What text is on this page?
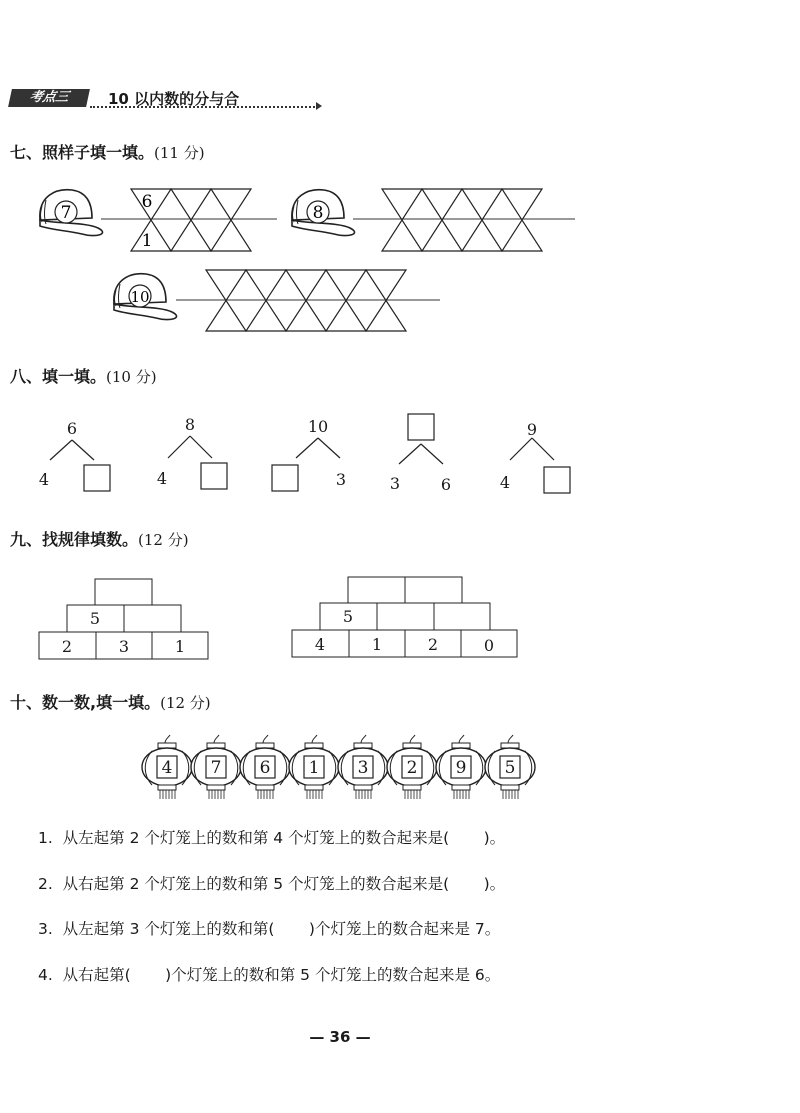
考点三	10 以内数的分与合
七、照样子填一填。(11 分)
7
6
1
8
10
6
4
8
4
10
3	3	6
9
4
5
2	3	1
5
4	1	2	0
4 7 6 1 3 2 9 5
八、填一填。(10 分)
九、找规律填数。(12 分)
十、数一数,填一填。(12 分)
1.  从左起第 2 个灯笼上的数和第 4 个灯笼上的数合起来是(       )。
2.  从右起第 2 个灯笼上的数和第 5 个灯笼上的数合起来是(       )。
3.  从左起第 3 个灯笼上的数和第(       )个灯笼上的数合起来是 7。
4.  从右起第(       )个灯笼上的数和第 5 个灯笼上的数合起来是 6。
— 36 —
